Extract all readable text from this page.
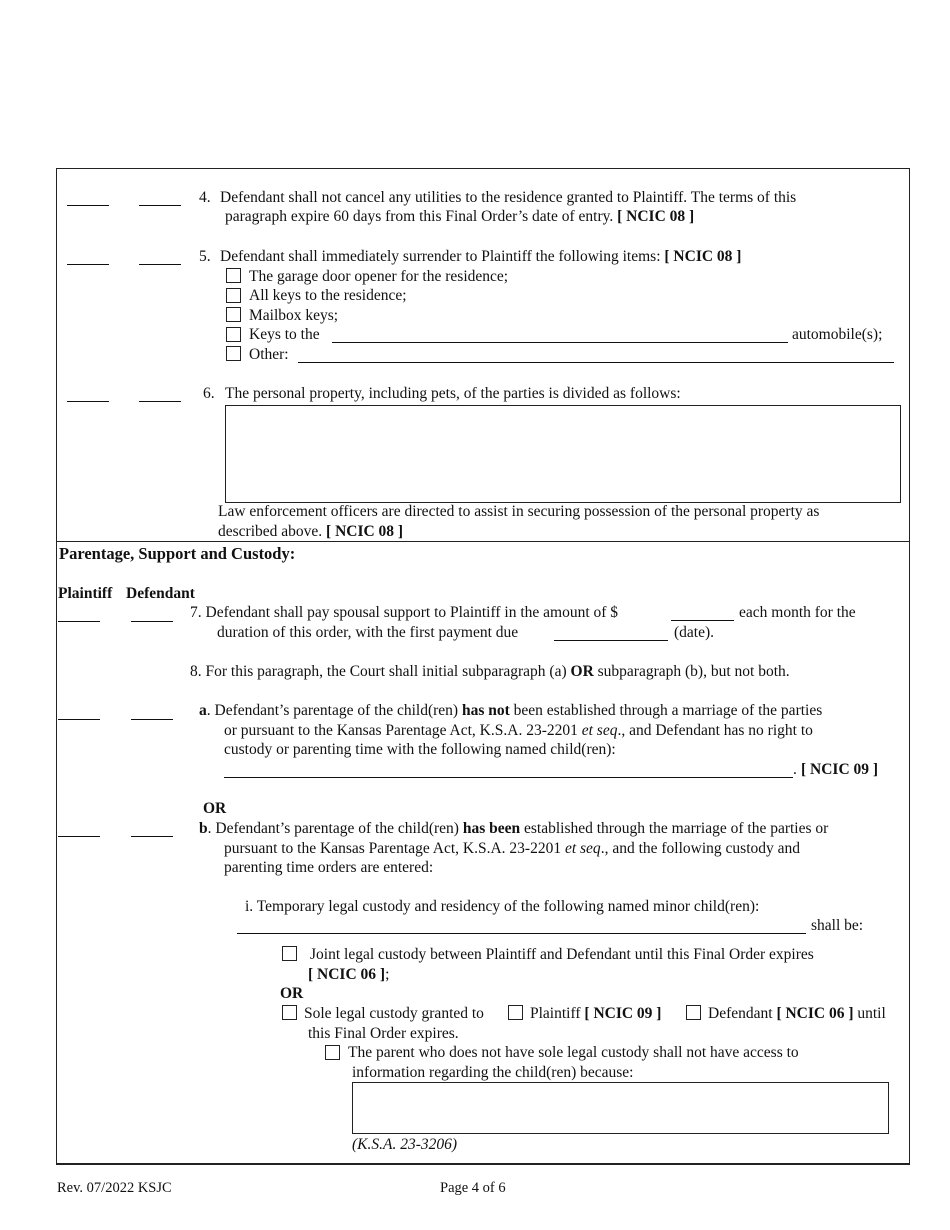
4. Defendant shall not cancel any utilities to the residence granted to Plaintiff. The terms of this
paragraph expire 60 days from this Final Order’s date of entry. [ NCIC 08 ]
5. Defendant shall immediately surrender to Plaintiff the following items: [ NCIC 08 ]
The garage door opener for the residence;
All keys to the residence;
Mailbox keys;
Keys to the	automobile(s);
Other:
6. The personal property, including pets, of the parties is divided as follows:
Law enforcement officers are directed to assist in securing possession of the personal property as
described above. [ NCIC 08 ]
Parentage, Support and Custody:
Plaintiff Defendant
7. Defendant shall pay spousal support to Plaintiff in the amount of $	each month for the
duration of this order, with the first payment due	(date).
8. For this paragraph, the Court shall initial subparagraph (a) OR subparagraph (b), but not both.
a. Defendant’s parentage of the child(ren) has not been established through a marriage of the parties
or pursuant to the Kansas Parentage Act, K.S.A. 23-2201 et seq., and Defendant has no right to
custody or parenting time with the following named child(ren):
. [ NCIC 09 ]
OR
b. Defendant’s parentage of the child(ren) has been established through the marriage of the parties or
pursuant to the Kansas Parentage Act, K.S.A. 23-2201 et seq., and the following custody and
parenting time orders are entered:
i. Temporary legal custody and residency of the following named minor child(ren):
shall be:
Joint legal custody between Plaintiff and Defendant until this Final Order expires
[ NCIC 06 ];
OR
Sole legal custody granted to	Plaintiff [ NCIC 09 ]	Defendant [ NCIC 06 ] until
this Final Order expires.
The parent who does not have sole legal custody shall not have access to
information regarding the child(ren) because:
(K.S.A. 23-3206)
Rev. 07/2022 KSJC	Page 4 of 6
